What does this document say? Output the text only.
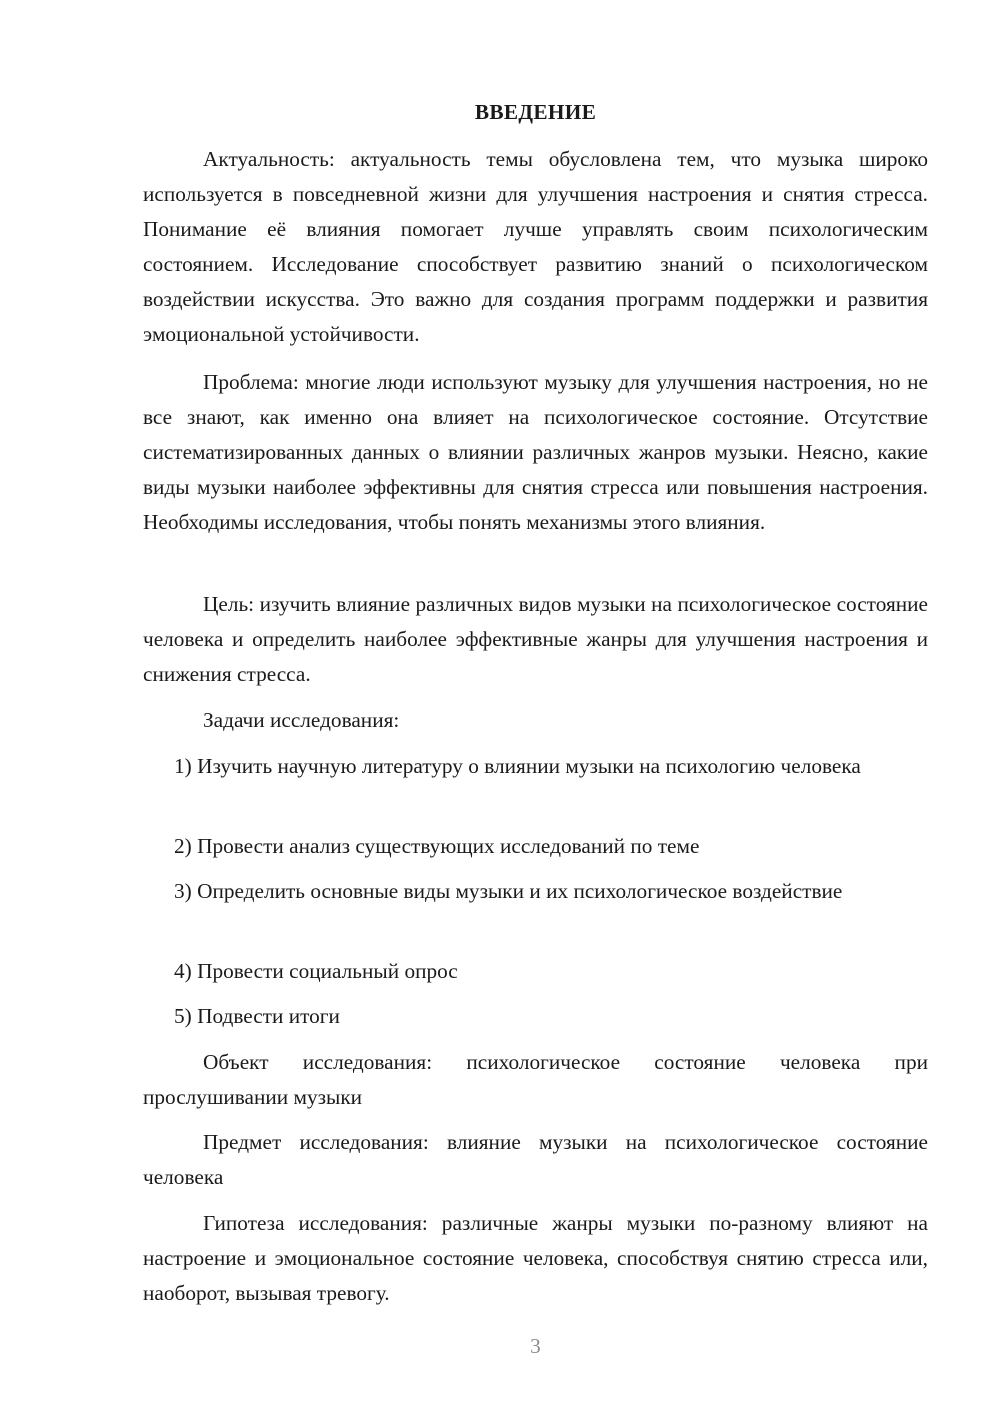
ВВЕДЕНИЕ

Актуальность: актуальность темы обусловлена тем, что музыка широко используется в повседневной жизни для улучшения настроения и снятия стресса. Понимание её влияния помогает лучше управлять своим психологическим состоянием. Исследование способствует развитию знаний о психологическом воздействии искусства. Это важно для создания программ поддержки и развития эмоциональной устойчивости.

Проблема: многие люди используют музыку для улучшения настроения, но не все знают, как именно она влияет на психологическое состояние. Отсутствие систематизированных данных о влиянии различных жанров музыки. Неясно, какие виды музыки наиболее эффективны для снятия стресса или повышения настроения. Необходимы исследования, чтобы понять механизмы этого влияния.

Цель: изучить влияние различных видов музыки на психологическое состояние человека и определить наиболее эффективные жанры для улучшения настроения и снижения стресса.

Задачи исследования:

1) Изучить научную литературу о влиянии музыки на психологию человека

2) Провести анализ существующих исследований по теме

3) Определить основные виды музыки и их психологическое воздействие

4) Провести социальный опрос

5) Подвести итоги

Объект исследования: психологическое состояние человека при прослушивании музыки

Предмет исследования: влияние музыки на психологическое состояние человека

Гипотеза исследования: различные жанры музыки по-разному влияют на настроение и эмоциональное состояние человека, способствуя снятию стресса или, наоборот, вызывая тревогу.

3
